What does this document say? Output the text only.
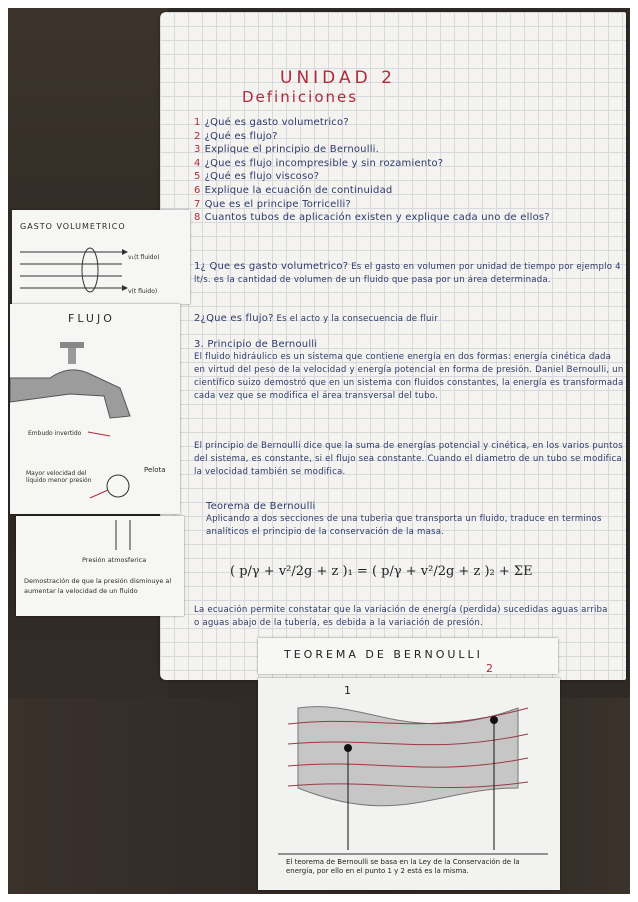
UNIDAD 2
Definiciones
1 ¿Qué es gasto volumetrico?
2 ¿Qué es flujo?
3 Explique el principio de Bernoulli.
4 ¿Que es flujo incompresible y sin rozamiento?
5 ¿Qué es flujo viscoso?
6 Explique la ecuación de continuidad
7 Que es el principe Torricelli?
8 Cuantos tubos de aplicación existen y explique cada uno de ellos?
1¿ Que es gasto volumetrico? Es el gasto en volumen por unidad de tiempo por ejemplo 4 lt/s. es la cantidad de volumen de un fluido que pasa por un área determinada.
2¿Que es flujo? Es el acto y la consecuencia de fluir
3. Principio de Bernoulli
El fluido hidráulico es un sistema que contiene energía en dos formas: energía cinética dada en virtud del peso de la velocidad y energía potencial en forma de presión. Daniel Bernoulli, un científico suizo demostró que en un sistema con fluidos constantes, la energía es transformada cada vez que se modifica el área transversal del tubo.
El principio de Bernoulli dice que la suma de energías potencial y cinética, en los varios puntos del sistema, es constante, si el flujo sea constante. Cuando el diametro de un tubo se modifica la velocidad también se modifica.
Teorema de Bernoulli
Aplicando a dos secciones de una tuberia que transporta un fluido, traduce en terminos analíticos el principio de la conservación de la masa.
( p/γ + v²/2g + z )₁ = ( p/γ + v²/2g + z )₂ + ΣE
La ecuación permite constatar que la variación de energía (perdida) sucedidas aguas arriba o aguas abajo de la tubería, es debida a la variación de presión.
GASTO VOLUMETRICO
v₁(t fluido)
v(t fluido)
FLUJO
Embudo invertido
Pelota
Mayor velocidad del líquido menor presión
Presión atmosferica
Demostración de que la presión disminuye al aumentar la velocidad de un fluido
TEOREMA DE BERNOULLI
2
1
El teorema de Bernoulli se basa en la Ley de la Conservación de la energía, por ello en el punto 1 y 2 está es la misma.
